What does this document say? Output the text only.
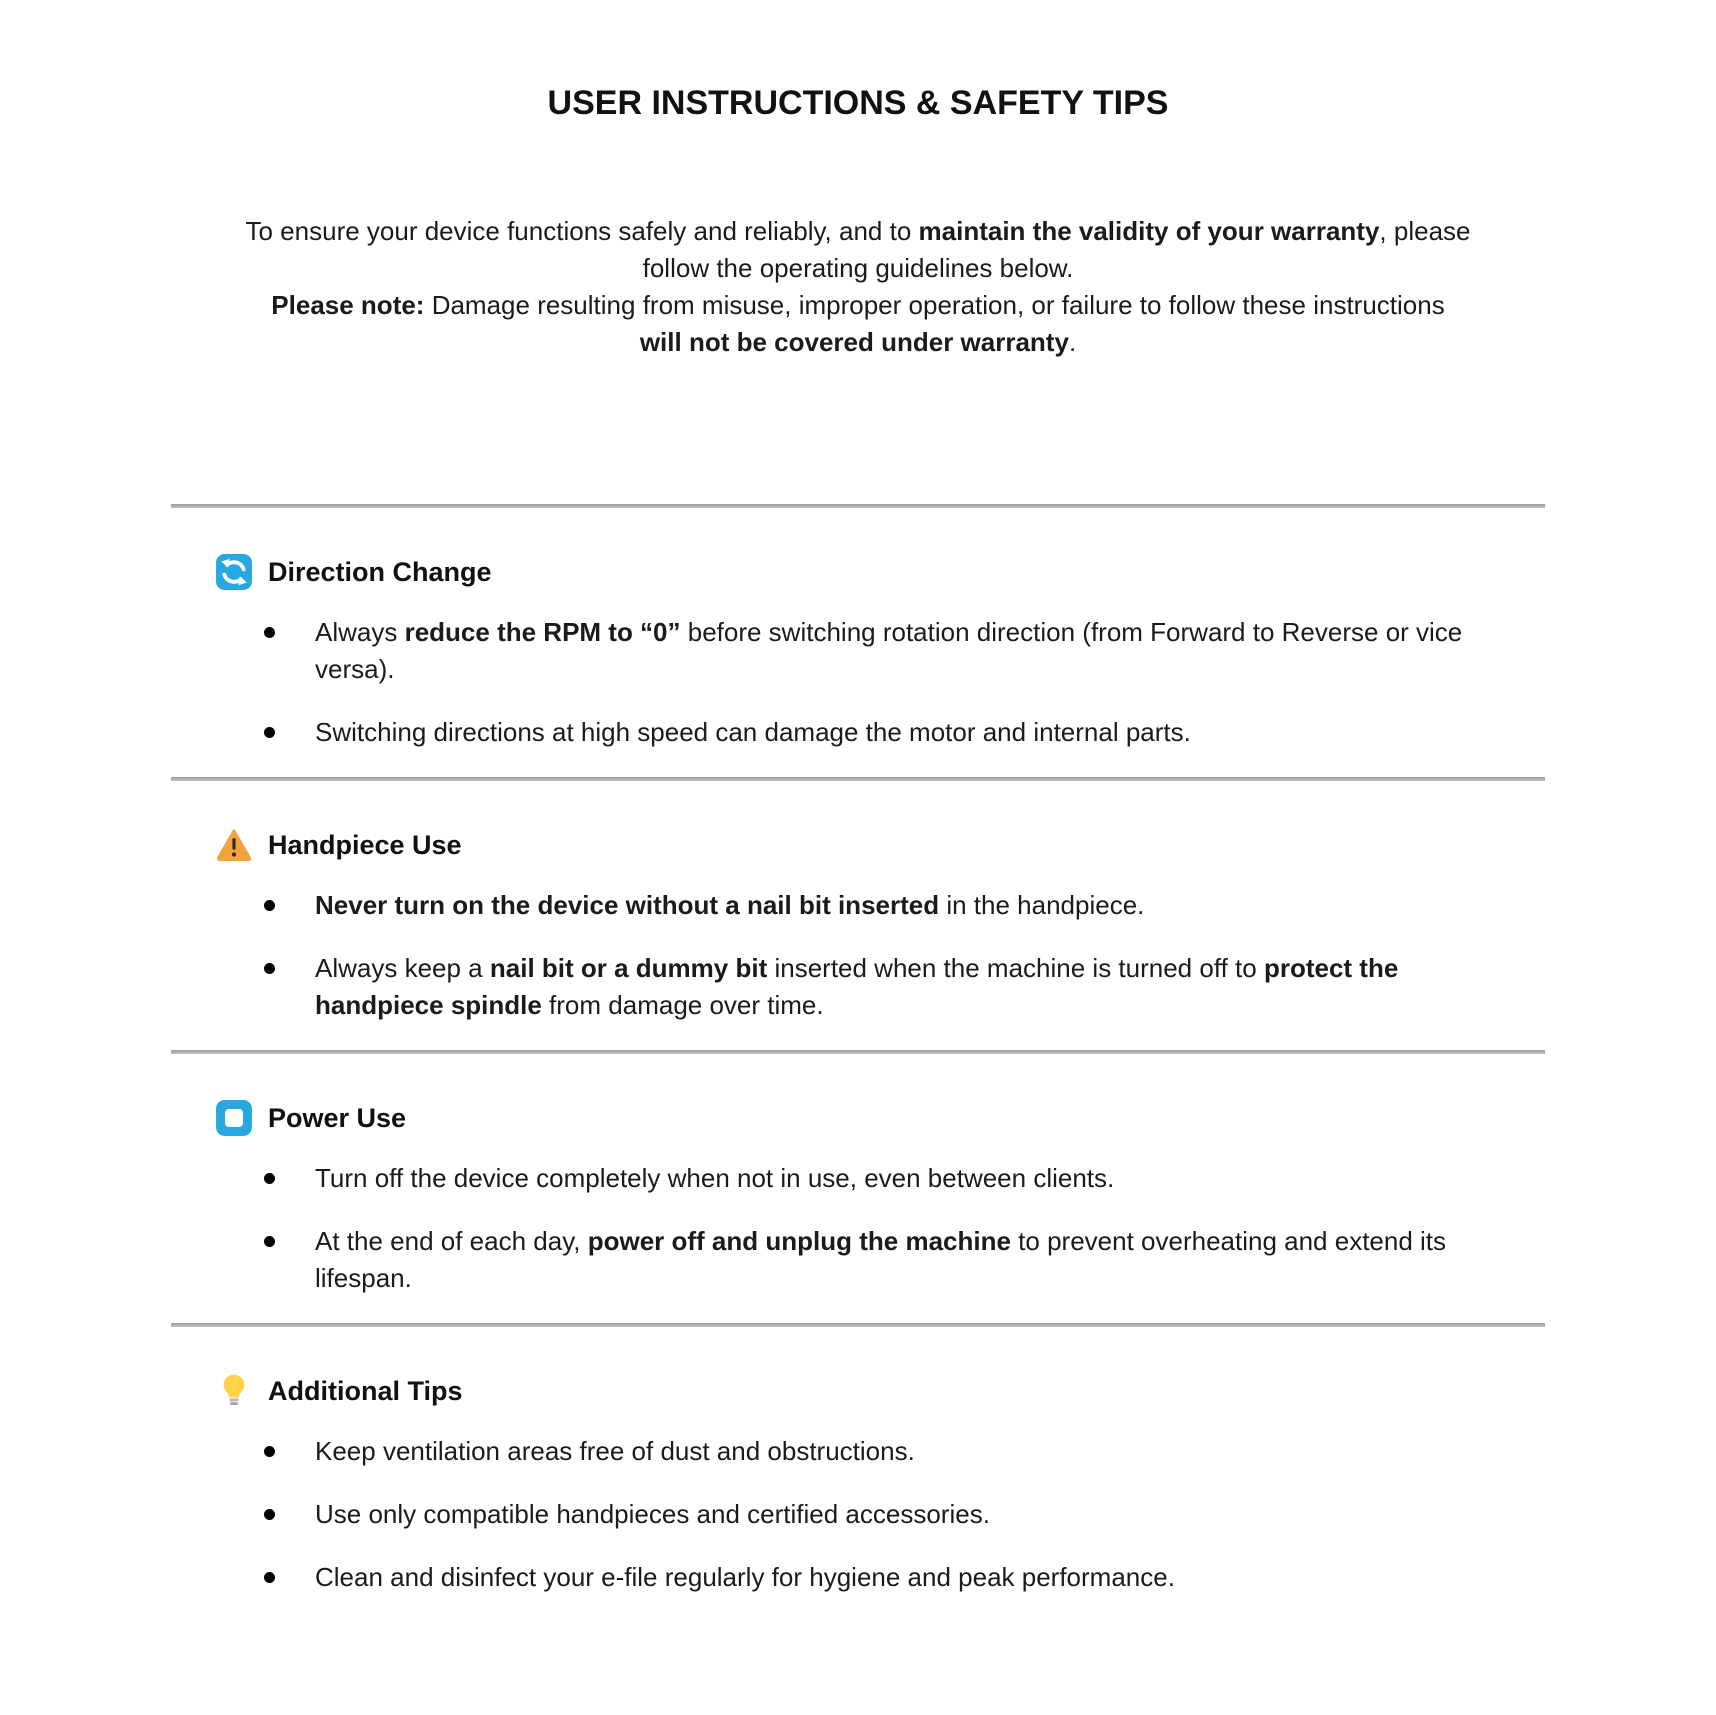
USER INSTRUCTIONS & SAFETY TIPS
To ensure your device functions safely and reliably, and to maintain the validity of your warranty, please
follow the operating guidelines below.
Please note: Damage resulting from misuse, improper operation, or failure to follow these instructions
will not be covered under warranty.
Direction Change
Always reduce the RPM to “0” before switching rotation direction (from Forward to Reverse or vice versa).
Switching directions at high speed can damage the motor and internal parts.
Handpiece Use
Never turn on the device without a nail bit inserted in the handpiece.
Always keep a nail bit or a dummy bit inserted when the machine is turned off to protect the handpiece spindle from damage over time.
Power Use
Turn off the device completely when not in use, even between clients.
At the end of each day, power off and unplug the machine to prevent overheating and extend its lifespan.
Additional Tips
Keep ventilation areas free of dust and obstructions.
Use only compatible handpieces and certified accessories.
Clean and disinfect your e-file regularly for hygiene and peak performance.
